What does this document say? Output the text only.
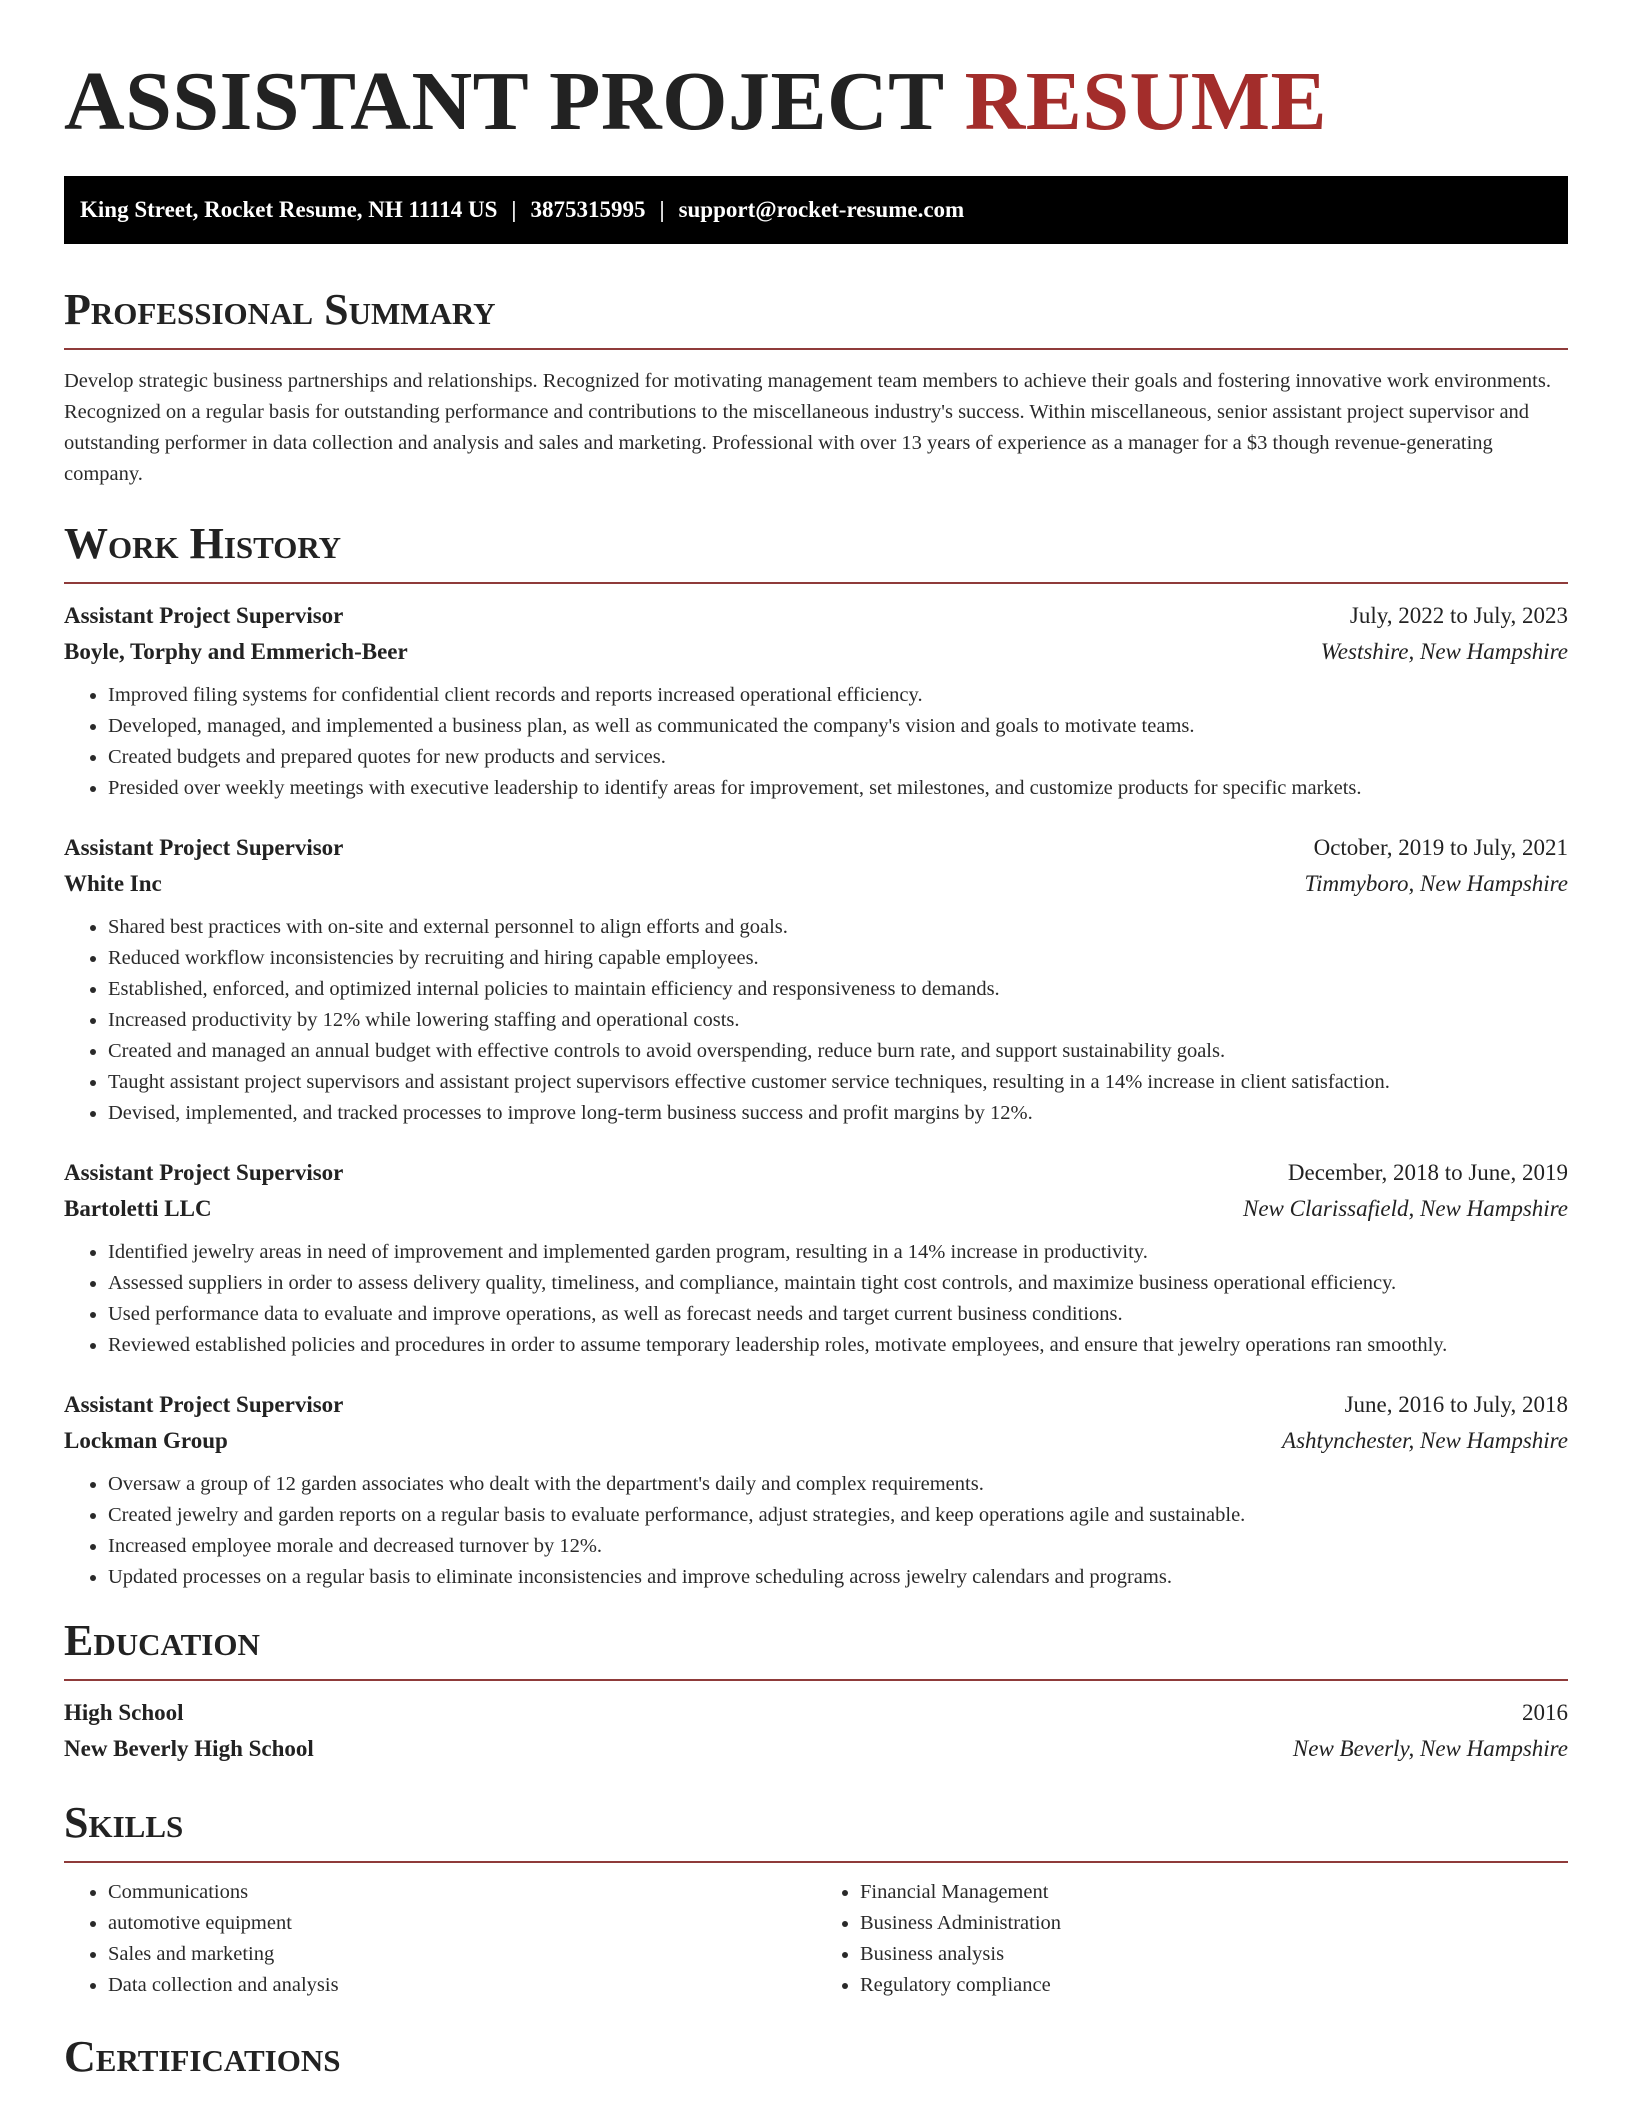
ASSISTANT PROJECT RESUME
King Street, Rocket Resume, NH 11114 US | 3875315995 | support@rocket-resume.com
Professional Summary

Develop strategic business partnerships and relationships. Recognized for motivating management team members to achieve their goals and fostering innovative work environments. Recognized on a regular basis for outstanding performance and contributions to the miscellaneous industry's success. Within miscellaneous, senior assistant project supervisor and outstanding performer in data collection and analysis and sales and marketing. Professional with over 13 years of experience as a manager for a $3 though revenue-generating company.

Work History
Assistant Project Supervisor	July, 2022 to July, 2023
Boyle, Torphy and Emmerich-Beer	Westshire, New Hampshire
• Improved filing systems for confidential client records and reports increased operational efficiency.
• Developed, managed, and implemented a business plan, as well as communicated the company's vision and goals to motivate teams.
• Created budgets and prepared quotes for new products and services.
• Presided over weekly meetings with executive leadership to identify areas for improvement, set milestones, and customize products for specific markets.
Assistant Project Supervisor	October, 2019 to July, 2021
White Inc	Timmyboro, New Hampshire
• Shared best practices with on-site and external personnel to align efforts and goals.
• Reduced workflow inconsistencies by recruiting and hiring capable employees.
• Established, enforced, and optimized internal policies to maintain efficiency and responsiveness to demands.
• Increased productivity by 12% while lowering staffing and operational costs.
• Created and managed an annual budget with effective controls to avoid overspending, reduce burn rate, and support sustainability goals.
• Taught assistant project supervisors and assistant project supervisors effective customer service techniques, resulting in a 14% increase in client satisfaction.
• Devised, implemented, and tracked processes to improve long-term business success and profit margins by 12%.
Assistant Project Supervisor	December, 2018 to June, 2019
Bartoletti LLC	New Clarissafield, New Hampshire
• Identified jewelry areas in need of improvement and implemented garden program, resulting in a 14% increase in productivity.
• Assessed suppliers in order to assess delivery quality, timeliness, and compliance, maintain tight cost controls, and maximize business operational efficiency.
• Used performance data to evaluate and improve operations, as well as forecast needs and target current business conditions.
• Reviewed established policies and procedures in order to assume temporary leadership roles, motivate employees, and ensure that jewelry operations ran smoothly.
Assistant Project Supervisor	June, 2016 to July, 2018
Lockman Group	Ashtynchester, New Hampshire
• Oversaw a group of 12 garden associates who dealt with the department's daily and complex requirements.
• Created jewelry and garden reports on a regular basis to evaluate performance, adjust strategies, and keep operations agile and sustainable.
• Increased employee morale and decreased turnover by 12%.
• Updated processes on a regular basis to eliminate inconsistencies and improve scheduling across jewelry calendars and programs.
Education
High School	2016
New Beverly High School	New Beverly, New Hampshire
Skills
• Communications
• automotive equipment
• Sales and marketing
• Data collection and analysis
• Financial Management
• Business Administration
• Business analysis
• Regulatory compliance
Certifications
